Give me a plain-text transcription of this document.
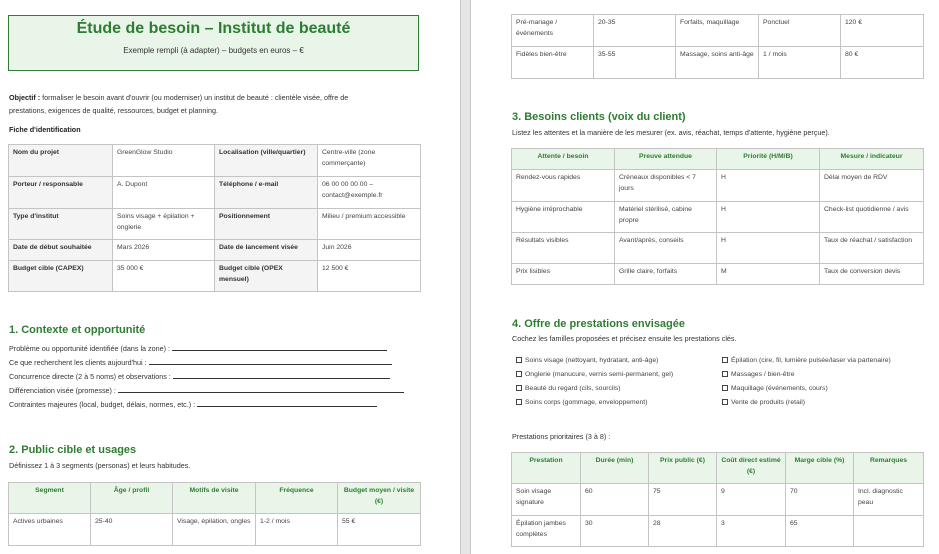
Étude de besoin – Institut de beauté
Exemple rempli (à adapter) – budgets en euros – €
Objectif : formaliser le besoin avant d'ouvrir (ou moderniser) un institut de beauté : clientèle visée, offre de
prestations, exigences de qualité, ressources, budget et planning.
Fiche d'identification
Nom du projet	GreenGlow Studio	Localisation (ville/quartier)	Centre-ville (zone commerçante)
Porteur / responsable	A. Dupont	Téléphone / e-mail	06 00 00 00 00 – contact@exemple.fr
Type d'institut	Soins visage + épilation + onglerie	Positionnement	Milieu / premium accessible
Date de début souhaitée	Mars 2026	Date de lancement visée	Juin 2026
Budget cible (CAPEX)	35 000 €	Budget cible (OPEX mensuel)	12 500 €
1. Contexte et opportunité
Problème ou opportunité identifiée (dans la zone) :
Ce que recherchent les clients aujourd'hui :
Concurrence directe (2 à 5 noms) et observations :
Différenciation visée (promesse) :
Contraintes majeures (local, budget, délais, normes, etc.) :
2. Public cible et usages
Définissez 1 à 3 segments (personas) et leurs habitudes.
Segment	Âge / profil	Motifs de visite	Fréquence	Budget moyen / visite (€)
Actives urbaines	25-40	Visage, épilation, ongles	1-2 / mois	55 €
Pré-mariage / événements	20-35	Forfaits, maquillage	Ponctuel	120 €
Fidèles bien-être	35-55	Massage, soins anti-âge	1 / mois	80 €
3. Besoins clients (voix du client)
Listez les attentes et la manière de les mesurer (ex. avis, réachat, temps d'attente, hygiène perçue).
Attente / besoin	Preuve attendue	Priorité (H/M/B)	Mesure / indicateur
Rendez-vous rapides	Créneaux disponibles < 7 jours	H	Délai moyen de RDV
Hygiène irréprochable	Matériel stérilisé, cabine propre	H	Check-list quotidienne / avis
Résultats visibles	Avant/après, conseils	H	Taux de réachat / satisfaction
Prix lisibles	Grille claire, forfaits	M	Taux de conversion devis
4. Offre de prestations envisagée
Cochez les familles proposées et précisez ensuite les prestations clés.
Soins visage (nettoyant, hydratant, anti-âge)
Onglerie (manucure, vernis semi-permanent, gel)
Beauté du regard (cils, sourcils)
Soins corps (gommage, enveloppement)
Épilation (cire, fil, lumière pulsée/laser via partenaire)
Massages / bien-être
Maquillage (événements, cours)
Vente de produits (retail)
Prestations prioritaires (3 à 8) :
Prestation	Durée (min)	Prix public (€)	Coût direct estimé (€)	Marge cible (%)	Remarques
Soin visage signature	60	75	9	70	Incl. diagnostic peau
Épilation jambes complètes	30	28	3	65	
